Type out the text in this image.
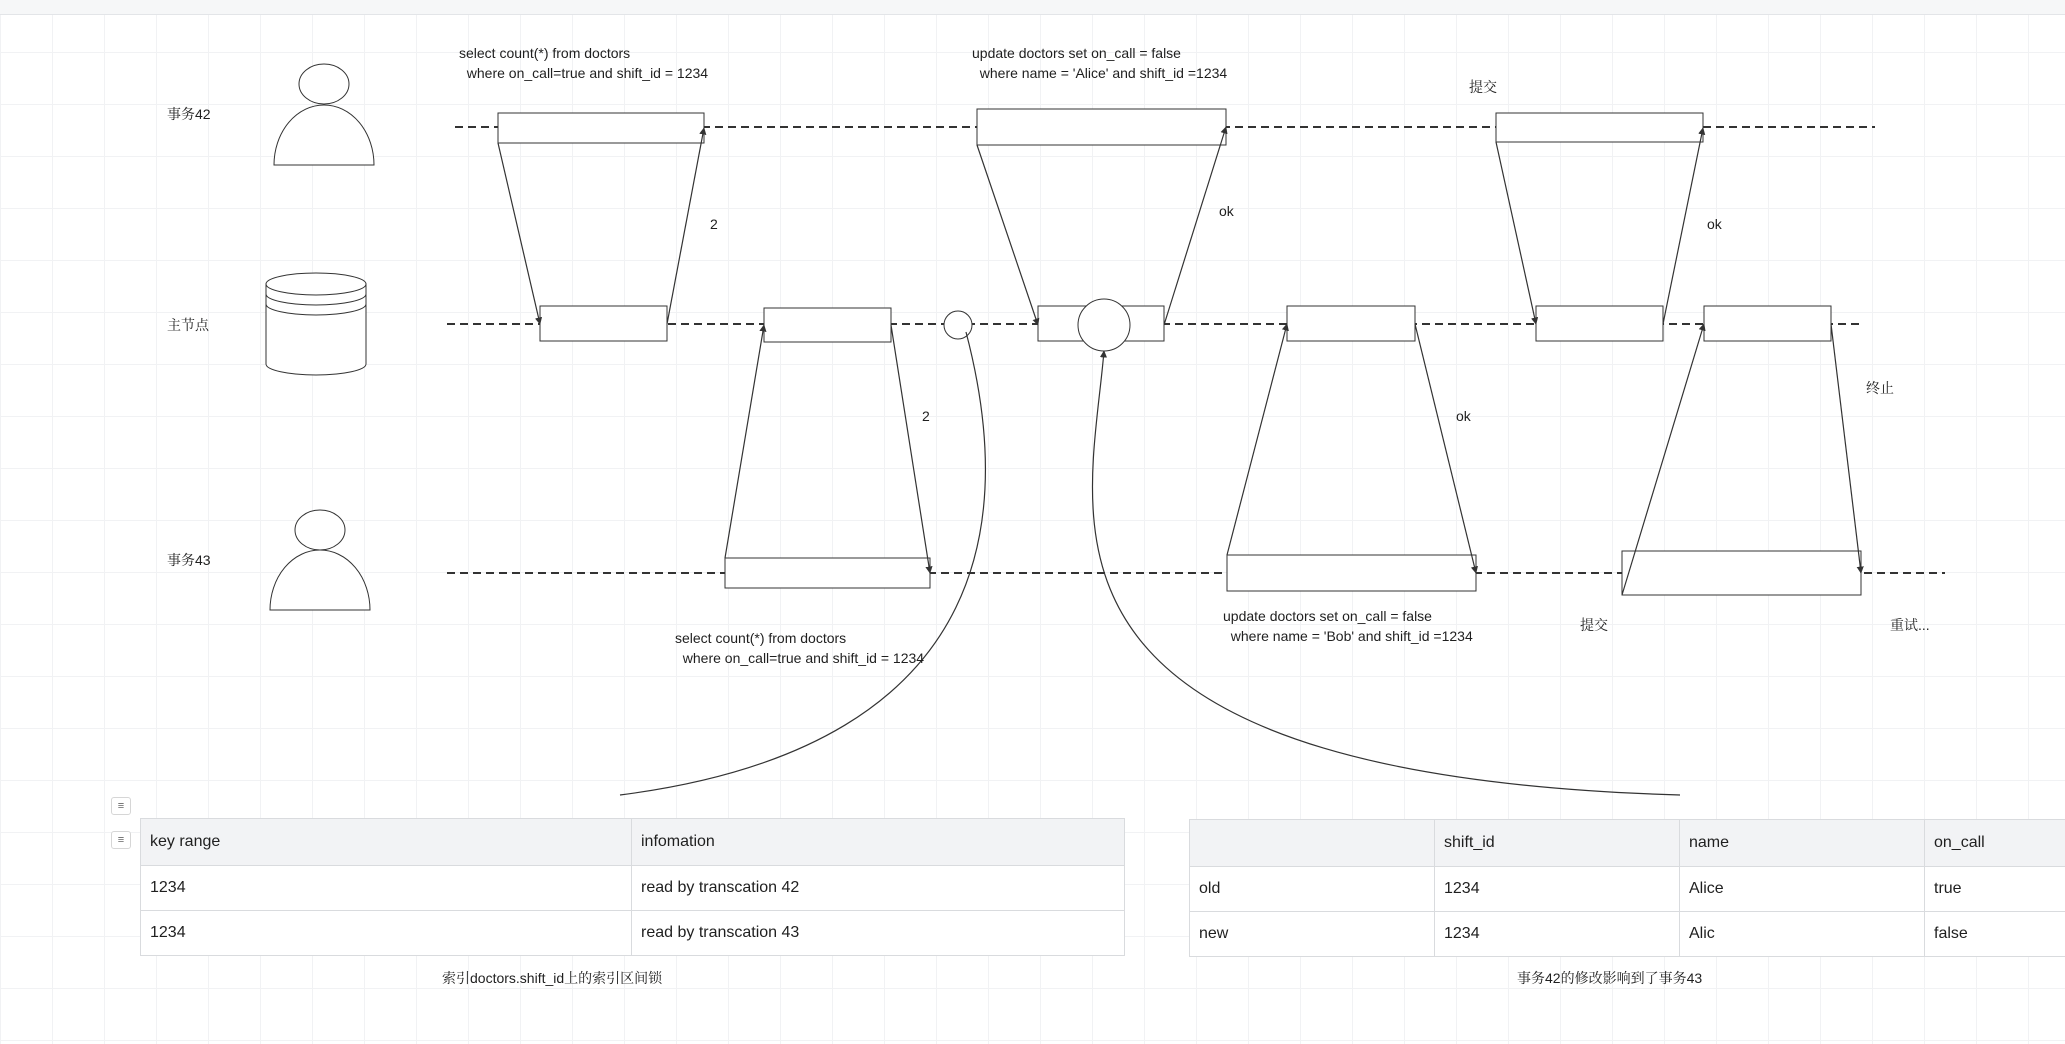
事务42
主节点
事务43
select count(*) from doctors
where on_call=true and shift_id = 1234
update doctors set on_call = false
where name = 'Alice' and shift_id =1234
select count(*) from doctors
where on_call=true and shift_id = 1234
update doctors set on_call = false
where name = 'Bob' and shift_id =1234
2
ok
ok
2	ok
终止
提交
提交	重试...
≡
≡	key range	infomation
1234	read by transcation 42
1234	read by transcation 43
索引doctors.shift_id上的索引区间锁
	shift_id	name	on_call
old	1234	Alice	true
new	1234	Alic	false
事务42的修改影响到了事务43
